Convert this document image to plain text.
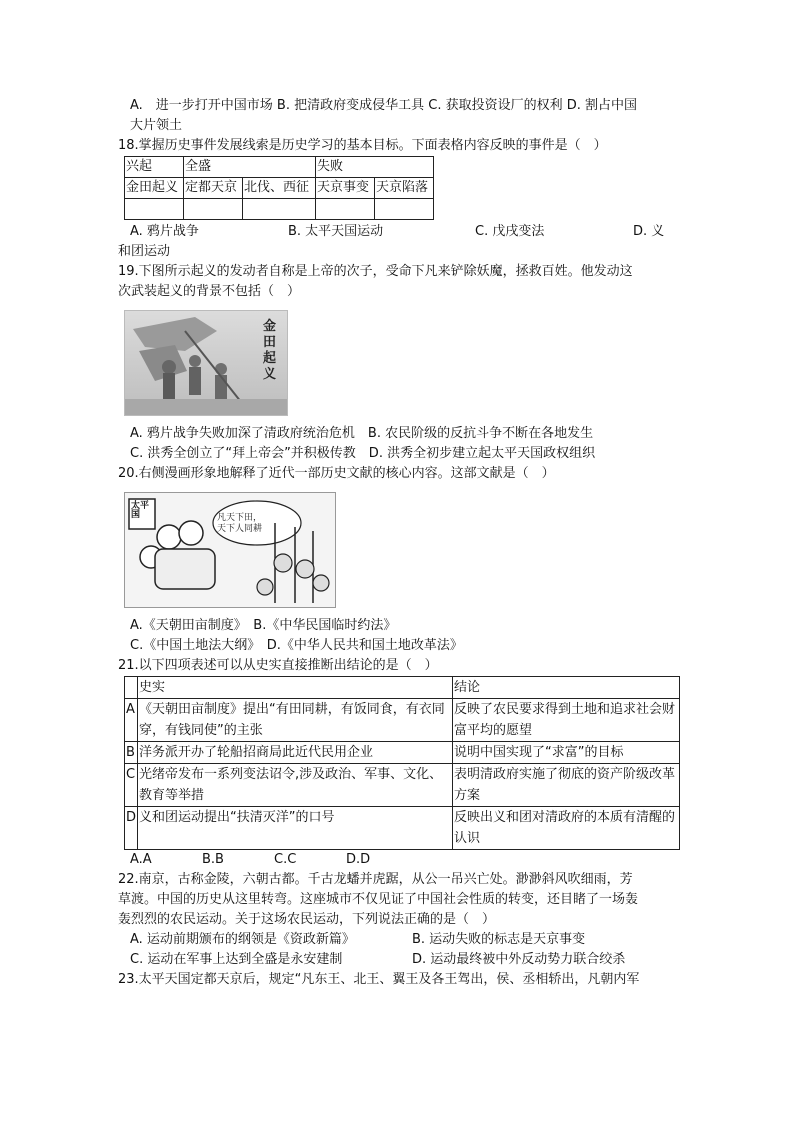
A.　进一步打开中国市场 B. 把清政府变成侵华工具 C. 获取投资设厂的权利 D. 割占中国
大片领土
18.掌握历史事件发展线索是历史学习的基本目标。下面表格内容反映的事件是（　）
兴起	全盛		失败	
金田起义	定都天京	北伐、西征	天京事变	天京陷落

A. 鸦片战争	B. 太平天国运动	C. 戊戌变法	D. 义
和团运动
19.下图所示起义的发动者自称是上帝的次子，受命下凡来铲除妖魔，拯救百姓。他发动这
次武装起义的背景不包括（　）
金田起义
A. 鸦片战争失败加深了清政府统治危机　B. 农民阶级的反抗斗争不断在各地发生
C. 洪秀全创立了“拜上帝会”并积极传教　D. 洪秀全初步建立起太平天国政权组织
20.右侧漫画形象地解释了近代一部历史文献的核心内容。这部文献是（　）
太平国	凡天下田，
天下人同耕
A.《天朝田亩制度》　B.《中华民国临时约法》
C.《中国土地法大纲》　D.《中华人民共和国土地改革法》
21.以下四项表述可以从史实直接推断出结论的是（　）
	史实	结论
A	《天朝田亩制度》提出“有田同耕，有饭同食，有衣同穿，有钱同使”的主张	反映了农民要求得到土地和追求社会财富平均的愿望
B	洋务派开办了轮船招商局此近代民用企业	说明中国实现了“求富”的目标
C	光绪帝发布一系列变法诏令,涉及政治、军事、文化、教育等举措	表明清政府实施了彻底的资产阶级改革方案
D	义和团运动提出“扶清灭洋”的口号	反映出义和团对清政府的本质有清醒的认识
A.A	B.B	C.C	D.D
22.南京，古称金陵，六朝古都。千古龙蟠并虎踞，从公一吊兴亡处。渺渺斜风吹细雨，芳
草渡。中国的历史从这里转弯。这座城市不仅见证了中国社会性质的转变，还目睹了一场轰
轰烈烈的农民运动。关于这场农民运动，下列说法正确的是（　）
A. 运动前期颁布的纲领是《资政新篇》	B. 运动失败的标志是天京事变
C. 运动在军事上达到全盛是永安建制	D. 运动最终被中外反动势力联合绞杀
23.太平天国定都天京后，规定“凡东王、北王、翼王及各王驾出，侯、丞相轿出，凡朝内军
